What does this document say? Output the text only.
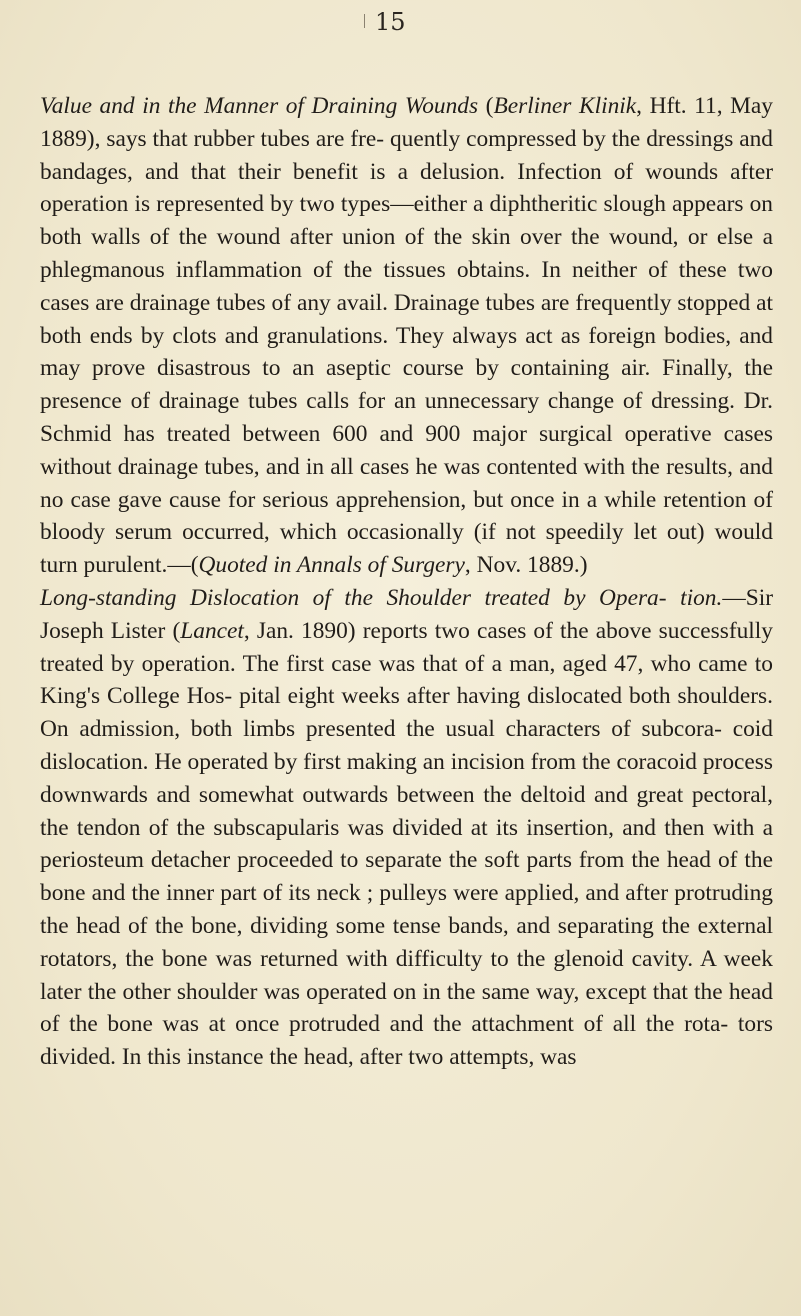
15

Value and in the Manner of Draining Wounds (Berliner Klinik, Hft. 11, May 1889), says that rubber tubes are fre- quently compressed by the dressings and bandages, and that their benefit is a delusion. Infection of wounds after operation is represented by two types—either a diphtheritic slough appears on both walls of the wound after union of the skin over the wound, or else a phlegmanous inflammation of the tissues obtains. In neither of these two cases are drainage tubes of any avail. Drainage tubes are frequently stopped at both ends by clots and granulations. They always act as foreign bodies, and may prove disastrous to an aseptic course by containing air. Finally, the presence of drainage tubes calls for an unnecessary change of dressing. Dr. Schmid has treated between 600 and 900 major surgical operative cases without drainage tubes, and in all cases he was contented with the results, and no case gave cause for serious apprehension, but once in a while retention of bloody serum occurred, which occasionally (if not speedily let out) would turn purulent.—(Quoted in Annals of Surgery, Nov. 1889.)

Long-standing Dislocation of the Shoulder treated by Opera- tion.—Sir Joseph Lister (Lancet, Jan. 1890) reports two cases of the above successfully treated by operation. The first case was that of a man, aged 47, who came to King's College Hos- pital eight weeks after having dislocated both shoulders. On admission, both limbs presented the usual characters of subcora- coid dislocation. He operated by first making an incision from the coracoid process downwards and somewhat outwards between the deltoid and great pectoral, the tendon of the subscapularis was divided at its insertion, and then with a periosteum detacher proceeded to separate the soft parts from the head of the bone and the inner part of its neck ; pulleys were applied, and after protruding the head of the bone, dividing some tense bands, and separating the external rotators, the bone was returned with difficulty to the glenoid cavity. A week later the other shoulder was operated on in the same way, except that the head of the bone was at once protruded and the attachment of all the rota- tors divided. In this instance the head, after two attempts, was
